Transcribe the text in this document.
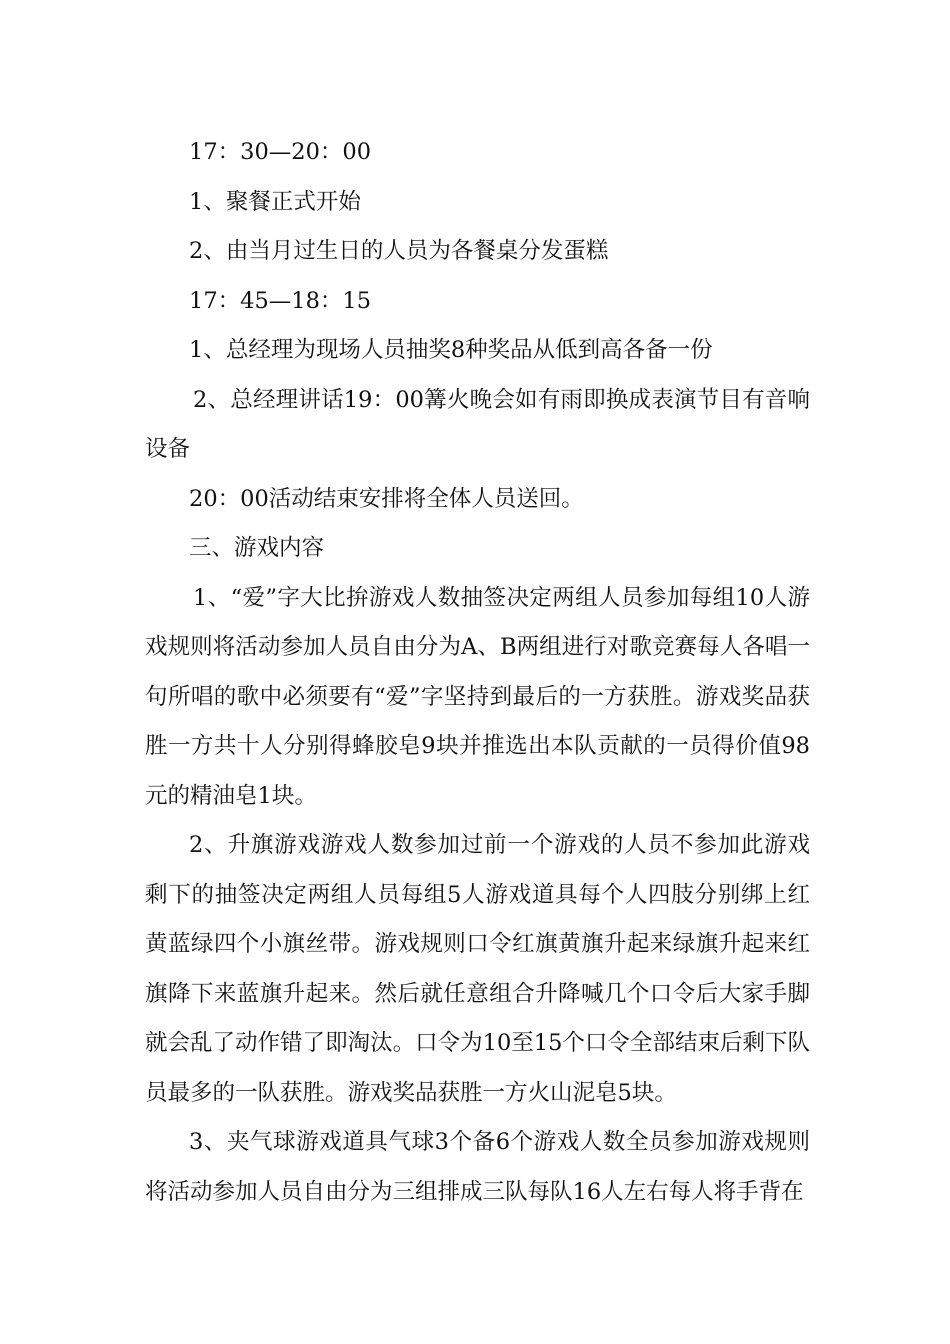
17：30—20：00

1、聚餐正式开始

2、由当月过生日的人员为各餐桌分发蛋糕

17：45—18：15

1、总经理为现场人员抽奖8种奖品从低到高各备一份

2、总经理讲话19：00篝火晚会如有雨即换成表演节目有音响设备

20：00活动结束安排将全体人员送回。

三、游戏内容

1、“爱”字大比拚游戏人数抽签决定两组人员参加每组10人游戏规则将活动参加人员自由分为A、B两组进行对歌竞赛每人各唱一句所唱的歌中必须要有“爱”字坚持到最后的一方获胜。游戏奖品获胜一方共十人分别得蜂胶皂9块并推选出本队贡献的一员得价值98元的精油皂1块。

2、升旗游戏游戏人数参加过前一个游戏的人员不参加此游戏剩下的抽签决定两组人员每组5人游戏道具每个人四肢分别绑上红黄蓝绿四个小旗丝带。游戏规则口令红旗黄旗升起来绿旗升起来红旗降下来蓝旗升起来。然后就任意组合升降喊几个口令后大家手脚就会乱了动作错了即淘汰。口令为10至15个口令全部结束后剩下队员最多的一队获胜。游戏奖品获胜一方火山泥皂5块。

3、夹气球游戏道具气球3个备6个游戏人数全员参加游戏规则将活动参加人员自由分为三组排成三队每队16人左右每人将手背在
